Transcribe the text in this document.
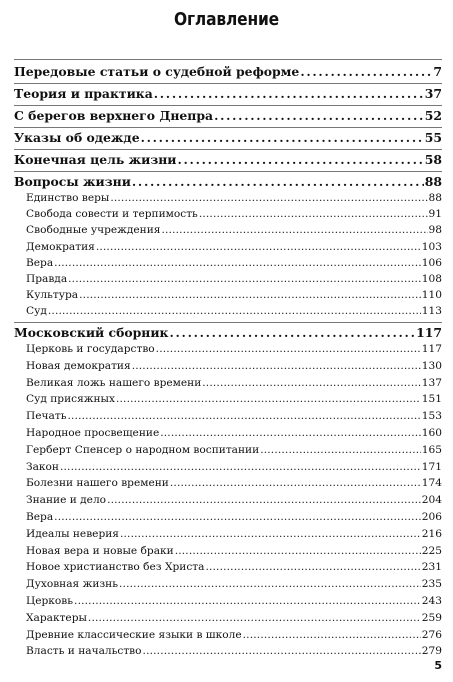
Оглавление
Передовые статьи о судебной реформе . . .	7
Теория и практика . . .	37
С берегов верхнего Днепра . . .	52
Указы об одежде . . .	55
Конечная цель жизни . . .	58
Вопросы жизни . . .	88
Единство веры . . .	88
Свобода совести и терпимость . . .	91
Свободные учреждения . . .	98
Демократия . . .	103
Вера . . .	106
Правда . . .	108
Культура . . .	110
Суд . . .	113
Московский сборник . . .	117
Церковь и государство . . .	117
Новая демократия . . .	130
Великая ложь нашего времени . . .	137
Суд присяжных . . .	151
Печать . . .	153
Народное просвещение . . .	160
Герберт Спенсер о народном воспитании . . .	165
Закон . . .	171
Болезни нашего времени . . .	174
Знание и дело . . .	204
Вера . . .	206
Идеалы неверия . . .	216
Новая вера и новые браки . . .	225
Новое христианство без Христа . . .	231
Духовная жизнь . . .	235
Церковь . . .	243
Характеры . . .	259
Древние классические языки в школе . . .	276
Власть и начальство . . .	279
5
